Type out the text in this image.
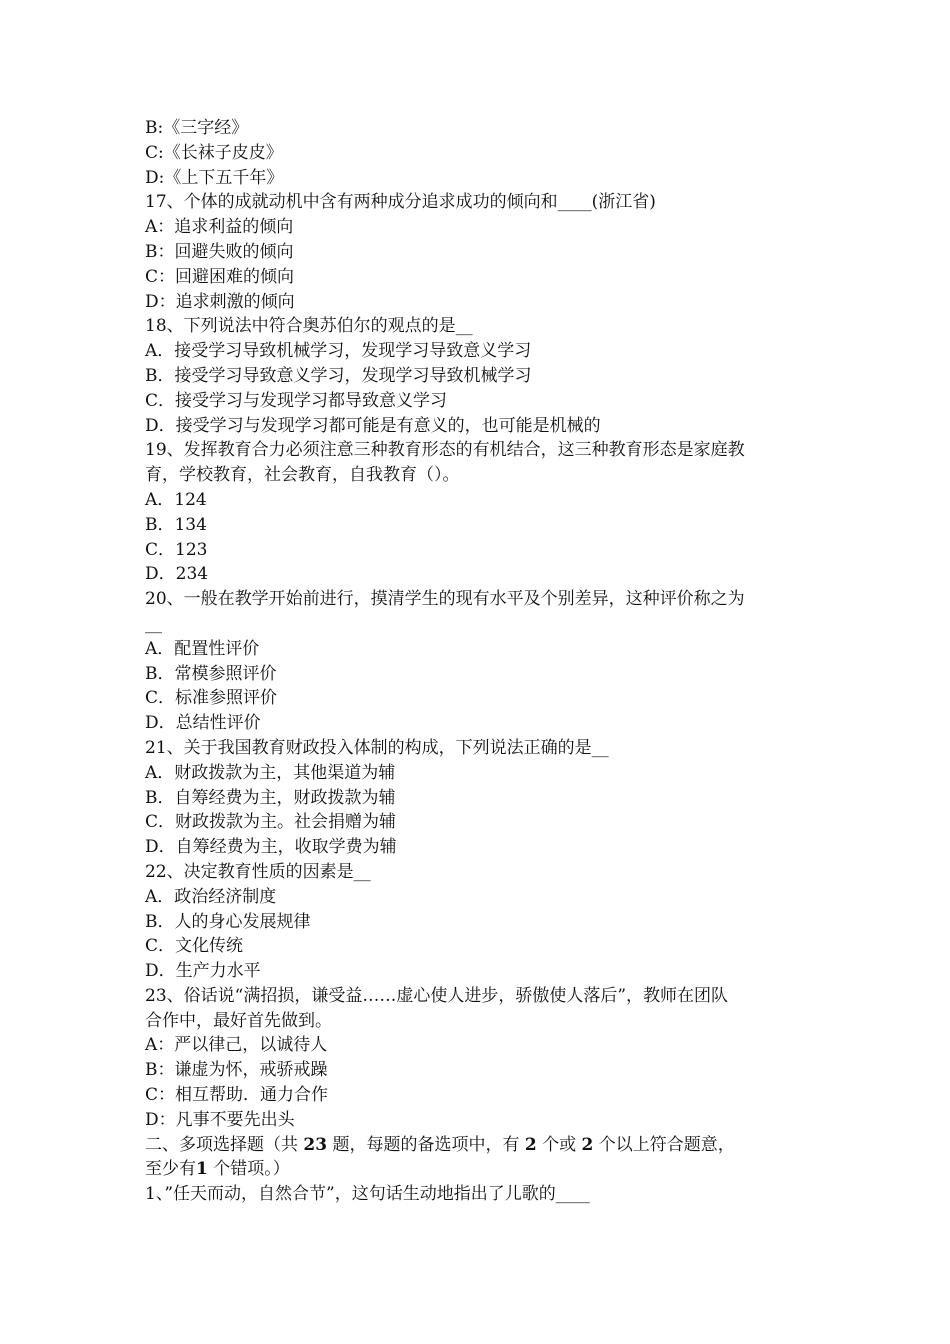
B:《三字经》

C:《长袜子皮皮》

D:《上下五千年》

17、个体的成就动机中含有两种成分追求成功的倾向和____(浙江省)

A：追求利益的倾向

B：回避失败的倾向

C：回避困难的倾向

D：追求刺激的倾向

18、下列说法中符合奥苏伯尔的观点的是__

A．接受学习导致机械学习，发现学习导致意义学习

B．接受学习导致意义学习，发现学习导致机械学习

C．接受学习与发现学习都导致意义学习

D．接受学习与发现学习都可能是有意义的，也可能是机械的

19、发挥教育合力必须注意三种教育形态的有机结合，这三种教育形态是家庭教

育，学校教育，社会教育，自我教育（）。

A．124

B．134

C．123

D．234

20、一般在教学开始前进行，摸清学生的现有水平及个别差异，这种评价称之为

__

A．配置性评价

B．常模参照评价

C．标准参照评价

D．总结性评价

21、关于我国教育财政投入体制的构成，下列说法正确的是__

A．财政拨款为主，其他渠道为辅

B．自筹经费为主，财政拨款为辅

C．财政拨款为主。社会捐赠为辅

D．自筹经费为主，收取学费为辅

22、决定教育性质的因素是__

A．政治经济制度

B．人的身心发展规律

C．文化传统

D．生产力水平

23、俗话说“满招损，谦受益……虚心使人进步，骄傲使人落后”，教师在团队

合作中，最好首先做到。

A：严以律己，以诚待人

B：谦虚为怀，戒骄戒躁

C：相互帮助．通力合作

D：凡事不要先出头

二、多项选择题（共 23 题，每题的备选项中，有 2 个或 2 个以上符合题意，

至少有1 个错项。）

1、”任天而动，自然合节”，这句话生动地指出了儿歌的____
